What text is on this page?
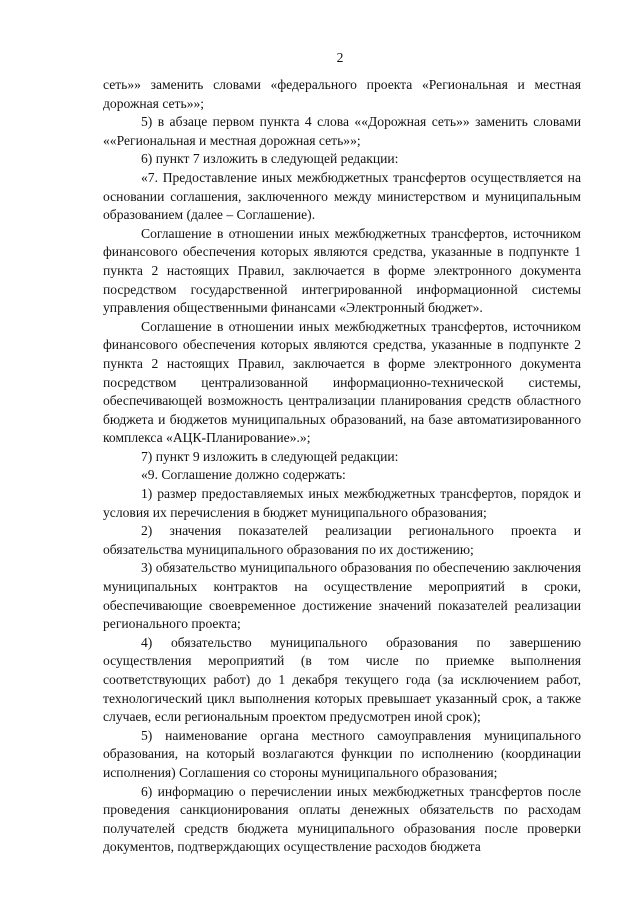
2

сеть»» заменить словами «федерального проекта «Региональная и местная дорожная сеть»»;

5) в абзаце первом пункта 4 слова ««Дорожная сеть»» заменить словами ««Региональная и местная дорожная сеть»»;

6) пункт 7 изложить в следующей редакции:

«7. Предоставление иных межбюджетных трансфертов осуществляется на основании соглашения, заключенного между министерством и муниципальным образованием (далее – Соглашение).

Соглашение в отношении иных межбюджетных трансфертов, источником финансового обеспечения которых являются средства, указанные в подпункте 1 пункта 2 настоящих Правил, заключается в форме электронного документа посредством государственной интегрированной информационной системы управления общественными финансами «Электронный бюджет».

Соглашение в отношении иных межбюджетных трансфертов, источником финансового обеспечения которых являются средства, указанные в подпункте 2 пункта 2 настоящих Правил, заключается в форме электронного документа посредством централизованной информационно-технической системы, обеспечивающей возможность централизации планирования средств областного бюджета и бюджетов муниципальных образований, на базе автоматизированного комплекса «АЦК-Планирование».»;

7) пункт 9 изложить в следующей редакции:

«9. Соглашение должно содержать:

1) размер предоставляемых иных межбюджетных трансфертов, порядок и условия их перечисления в бюджет муниципального образования;

2) значения показателей реализации регионального проекта и обязательства муниципального образования по их достижению;

3) обязательство муниципального образования по обеспечению заключения муниципальных контрактов на осуществление мероприятий в сроки, обеспечивающие своевременное достижение значений показателей реализации регионального проекта;

4) обязательство муниципального образования по завершению осуществления мероприятий (в том числе по приемке выполнения соответствующих работ) до 1 декабря текущего года (за исключением работ, технологический цикл выполнения которых превышает указанный срок, а также случаев, если региональным проектом предусмотрен иной срок);

5) наименование органа местного самоуправления муниципального образования, на который возлагаются функции по исполнению (координации исполнения) Соглашения со стороны муниципального образования;

6) информацию о перечислении иных межбюджетных трансфертов после проведения санкционирования оплаты денежных обязательств по расходам получателей средств бюджета муниципального образования после проверки документов, подтверждающих осуществление расходов бюджета
